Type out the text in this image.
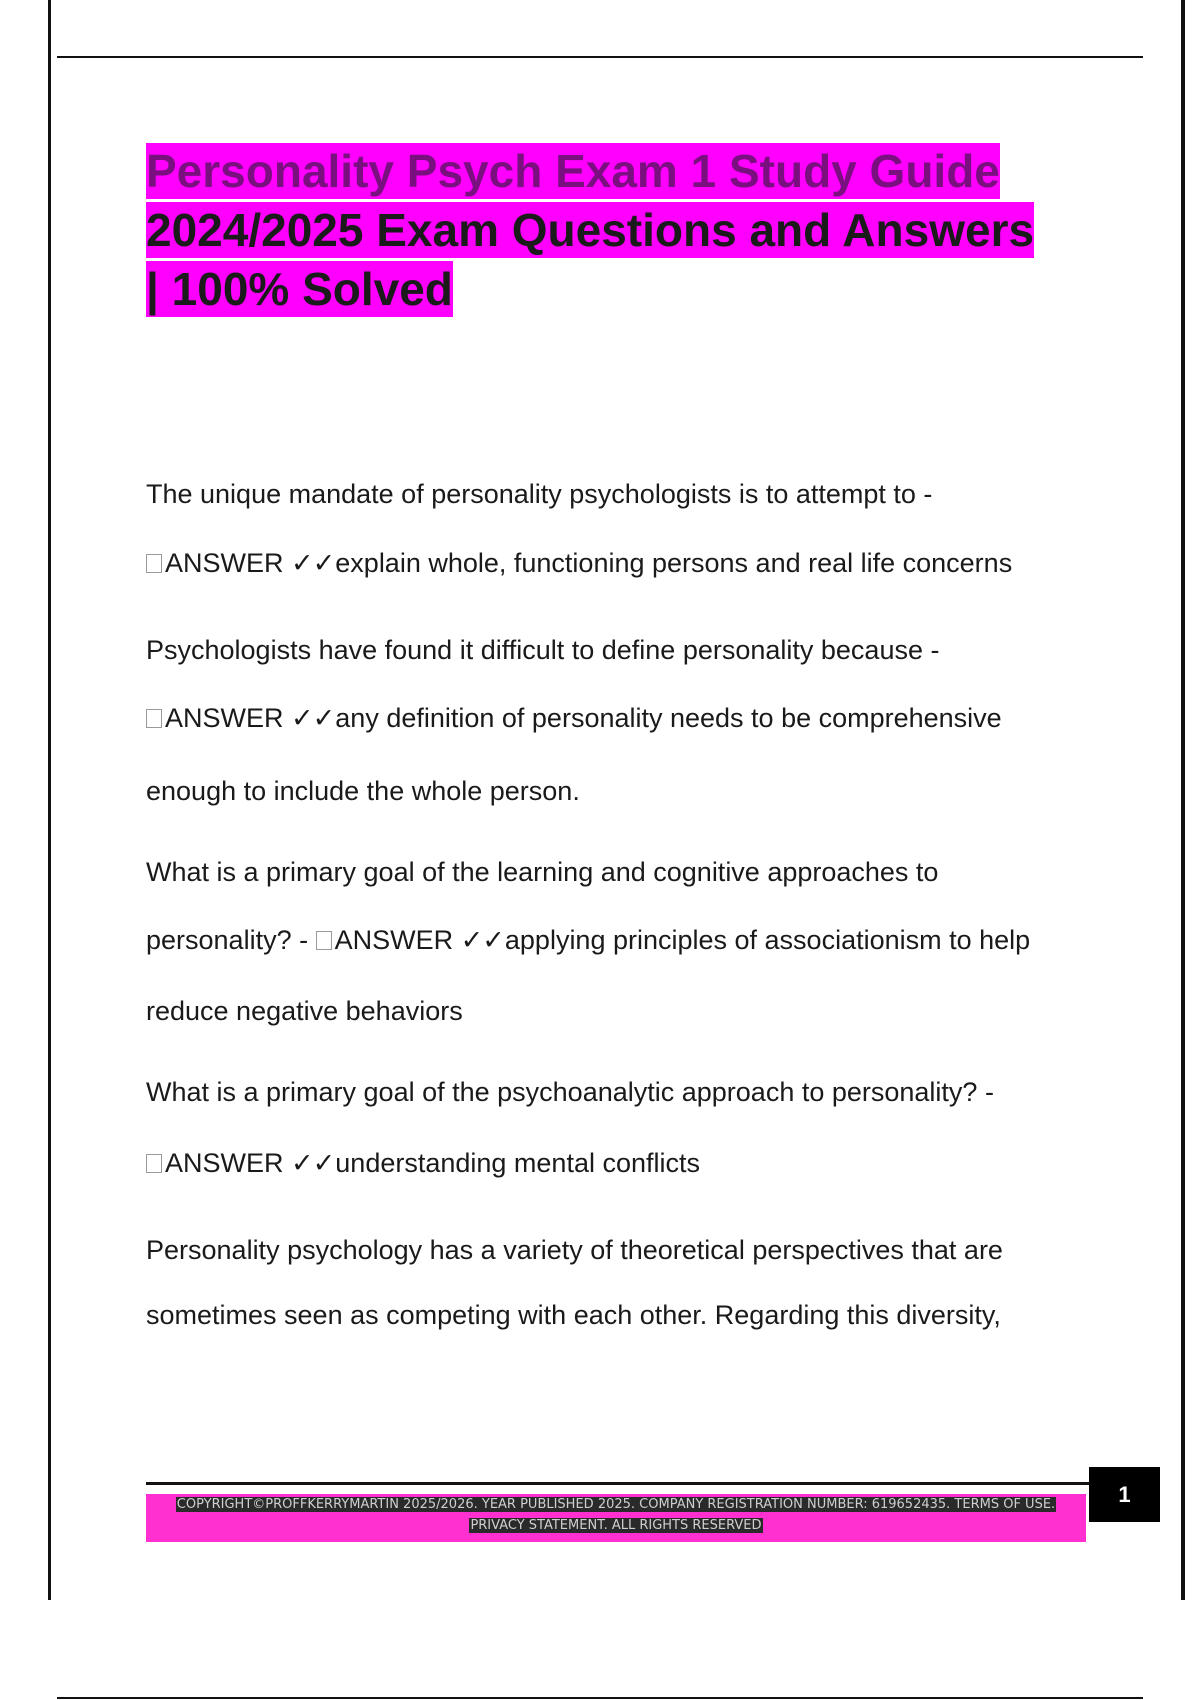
Personality Psych Exam 1 Study Guide
2024/2025 Exam Questions and Answers
| 100% Solved
The unique mandate of personality psychologists is to attempt to -
ANSWER ✓✓explain whole, functioning persons and real life concerns
Psychologists have found it difficult to define personality because -
ANSWER ✓✓any definition of personality needs to be comprehensive
enough to include the whole person.
What is a primary goal of the learning and cognitive approaches to
personality? - ANSWER ✓✓applying principles of associationism to help
reduce negative behaviors
What is a primary goal of the psychoanalytic approach to personality? -
ANSWER ✓✓understanding mental conflicts
Personality psychology has a variety of theoretical perspectives that are
sometimes seen as competing with each other. Regarding this diversity,
COPYRIGHT©PROFFKERRYMARTIN 2025/2026. YEAR PUBLISHED 2025. COMPANY REGISTRATION NUMBER: 619652435. TERMS OF USE.
PRIVACY STATEMENT. ALL RIGHTS RESERVED
1
